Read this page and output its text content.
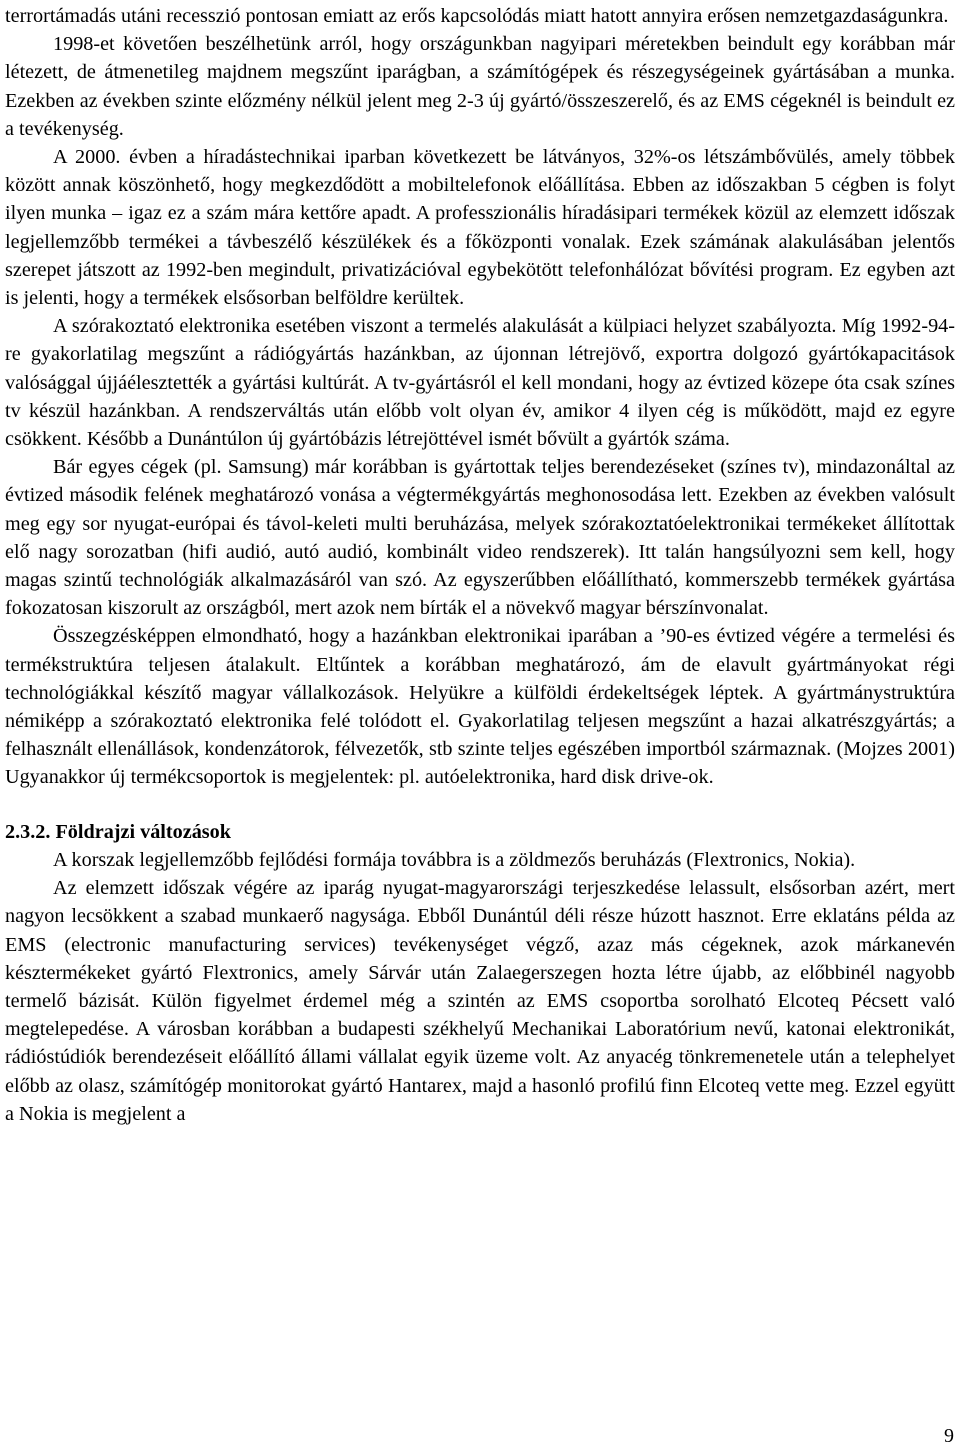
terrortámadás utáni recesszió pontosan emiatt az erős kapcsolódás miatt hatott annyira erősen nemzetgazdaságunkra.

1998-et követően beszélhetünk arról, hogy országunkban nagyipari méretekben beindult egy korábban már létezett, de átmenetileg majdnem megszűnt iparágban, a számítógépek és részegységeinek gyártásában a munka. Ezekben az években szinte előzmény nélkül jelent meg 2-3 új gyártó/összeszerelő, és az EMS cégeknél is beindult ez a tevékenység.

A 2000. évben a híradástechnikai iparban következett be látványos, 32%-os létszámbővülés, amely többek között annak köszönhető, hogy megkezdődött a mobiltelefonok előállítása. Ebben az időszakban 5 cégben is folyt ilyen munka – igaz ez a szám mára kettőre apadt. A professzionális híradásipari termékek közül az elemzett időszak legjellemzőbb termékei a távbeszélő készülékek és a főközponti vonalak. Ezek számának alakulásában jelentős szerepet játszott az 1992-ben megindult, privatizációval egybekötött telefonhálózat bővítési program. Ez egyben azt is jelenti, hogy a termékek elsősorban belföldre kerültek.

A szórakoztató elektronika esetében viszont a termelés alakulását a külpiaci helyzet szabályozta. Míg 1992-94-re gyakorlatilag megszűnt a rádiógyártás hazánkban, az újonnan létrejövő, exportra dolgozó gyártókapacitások valósággal újjáélesztették a gyártási kultúrát. A tv-gyártásról el kell mondani, hogy az évtized közepe óta csak színes tv készül hazánkban. A rendszerváltás után előbb volt olyan év, amikor 4 ilyen cég is működött, majd ez egyre csökkent. Később a Dunántúlon új gyártóbázis létrejöttével ismét bővült a gyártók száma.

Bár egyes cégek (pl. Samsung) már korábban is gyártottak teljes berendezéseket (színes tv), mindazonáltal az évtized második felének meghatározó vonása a végtermékgyártás meghonosodása lett. Ezekben az években valósult meg egy sor nyugat-európai és távol-keleti multi beruházása, melyek szórakoztatóelektronikai termékeket állítottak elő nagy sorozatban (hifi audió, autó audió, kombinált video rendszerek). Itt talán hangsúlyozni sem kell, hogy magas szintű technológiák alkalmazásáról van szó. Az egyszerűbben előállítható, kommerszebb termékek gyártása fokozatosan kiszorult az országból, mert azok nem bírták el a növekvő magyar bérszínvonalat.

Összegzésképpen elmondható, hogy a hazánkban elektronikai iparában a ’90-es évtized végére a termelési és termékstruktúra teljesen átalakult. Eltűntek a korábban meghatározó, ám de elavult gyártmányokat régi technológiákkal készítő magyar vállalkozások. Helyükre a külföldi érdekeltségek léptek. A gyártmánystruktúra némiképp a szórakoztató elektronika felé tolódott el. Gyakorlatilag teljesen megszűnt a hazai alkatrészgyártás; a felhasznált ellenállások, kondenzátorok, félvezetők, stb szinte teljes egészében importból származnak. (Mojzes 2001) Ugyanakkor új termékcsoportok is megjelentek: pl. autóelektronika, hard disk drive-ok.

2.3.2. Földrajzi változások

A korszak legjellemzőbb fejlődési formája továbbra is a zöldmezős beruházás (Flextronics, Nokia).

Az elemzett időszak végére az iparág nyugat-magyarországi terjeszkedése lelassult, elsősorban azért, mert nagyon lecsökkent a szabad munkaerő nagysága. Ebből Dunántúl déli része húzott hasznot. Erre eklatáns példa az EMS (electronic manufacturing services) tevékenységet végző, azaz más cégeknek, azok márkanevén késztermékeket gyártó Flextronics, amely Sárvár után Zalaegerszegen hozta létre újabb, az előbbinél nagyobb termelő bázisát. Külön figyelmet érdemel még a szintén az EMS csoportba sorolható Elcoteq Pécsett való megtelepedése. A városban korábban a budapesti székhelyű Mechanikai Laboratórium nevű, katonai elektronikát, rádióstúdiók berendezéseit előállító állami vállalat egyik üzeme volt. Az anyacég tönkremenetele után a telephelyet előbb az olasz, számítógép monitorokat gyártó Hantarex, majd a hasonló profilú finn Elcoteq vette meg. Ezzel együtt a Nokia is megjelent a

9
